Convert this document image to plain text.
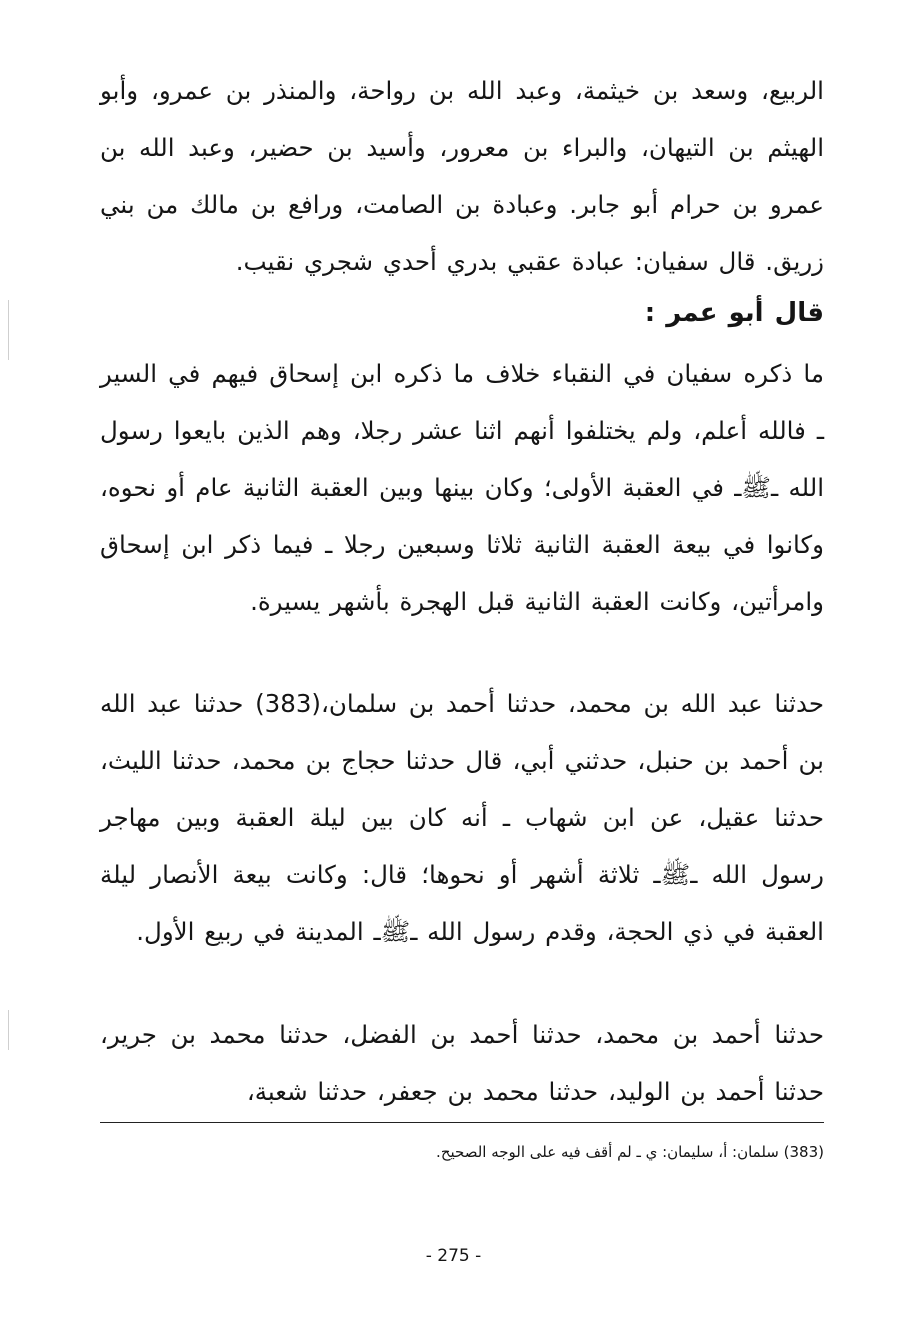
الربيع، وسعد بن خيثمة، وعبد الله بن رواحة، والمنذر بن عمرو، وأبو الهيثم بن التيهان، والبراء بن معرور، وأسيد بن حضير، وعبد الله بن عمرو بن حرام أبو جابر. وعبادة بن الصامت، ورافع بن مالك من بني زريق. قال سفيان: عبادة عقبي بدري أحدي شجري نقيب.

قال أبو عمر :

ما ذكره سفيان في النقباء خلاف ما ذكره ابن إسحاق فيهم في السير ـ فالله أعلم، ولم يختلفوا أنهم اثنا عشر رجلا، وهم الذين بايعوا رسول الله ـﷺـ في العقبة الأولى؛ وكان بينها وبين العقبة الثانية عام أو نحوه، وكانوا في بيعة العقبة الثانية ثلاثا وسبعين رجلا ـ فيما ذكر ابن إسحاق وامرأتين، وكانت العقبة الثانية قبل الهجرة بأشهر يسيرة.

حدثنا عبد الله بن محمد، حدثنا أحمد بن سلمان،(383) حدثنا عبد الله بن أحمد بن حنبل، حدثني أبي، قال حدثنا حجاج بن محمد، حدثنا الليث، حدثنا عقيل، عن ابن شهاب ـ أنه كان بين ليلة العقبة وبين مهاجر رسول الله ـﷺـ ثلاثة أشهر أو نحوها؛ قال: وكانت بيعة الأنصار ليلة العقبة في ذي الحجة، وقدم رسول الله ـﷺـ المدينة في ربيع الأول.

حدثنا أحمد بن محمد، حدثنا أحمد بن الفضل، حدثنا محمد بن جرير، حدثنا أحمد بن الوليد، حدثنا محمد بن جعفر، حدثنا شعبة،

(383) سلمان: أ، سليمان: ي ـ لم أقف فيه على الوجه الصحيح.

- 275 -
